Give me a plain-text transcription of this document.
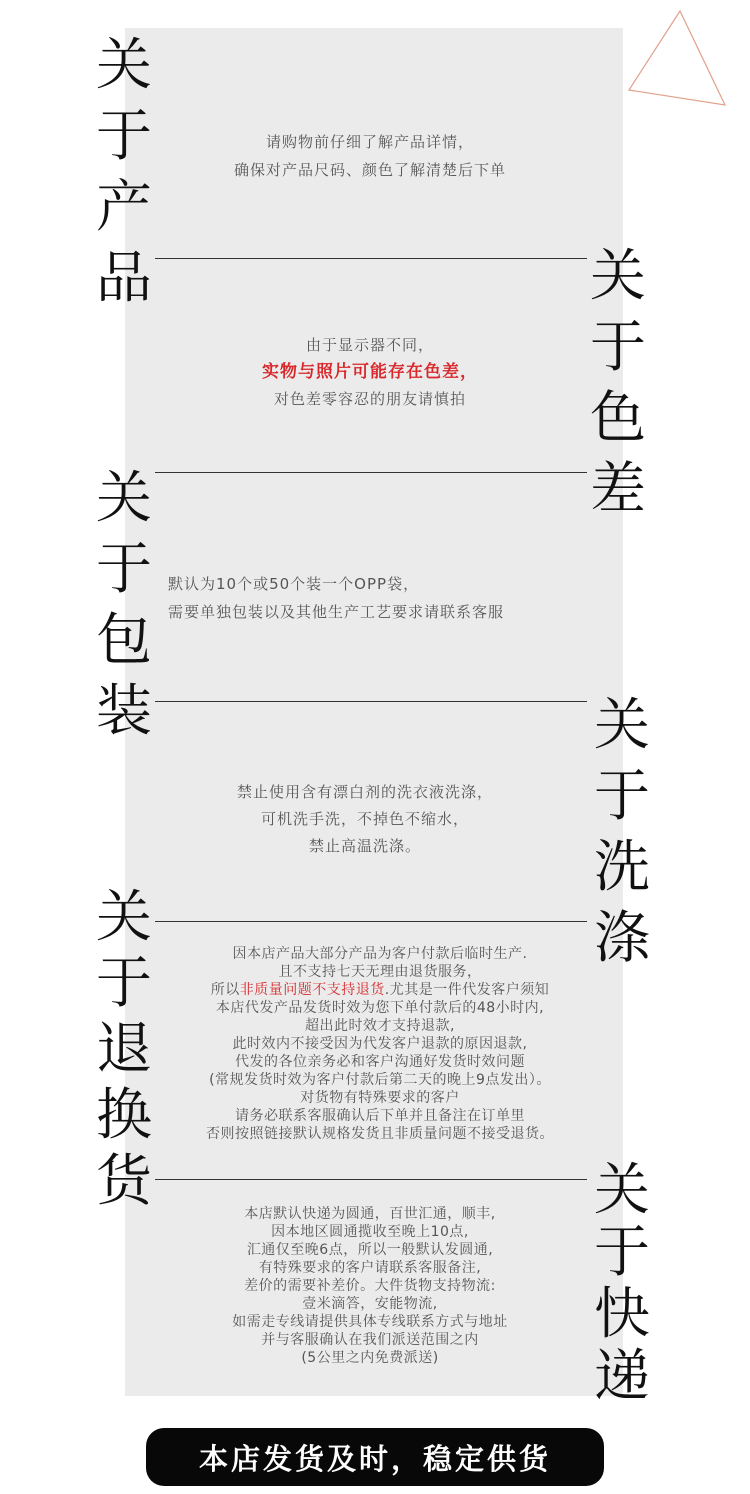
关
于
产
品
请购物前仔细了解产品详情，
确保对产品尺码、颜色了解清楚后下单
关
于
色
差
由于显示器不同，
实物与照片可能存在色差，
对色差零容忍的朋友请慎拍
关
于
包
装
默认为10个或50个装一个OPP袋，
需要单独包装以及其他生产工艺要求请联系客服
关
于
洗
涤
禁止使用含有漂白剂的洗衣液洗涤，
可机洗手洗，不掉色不缩水，
禁止高温洗涤。
关
于
退
换
货
因本店产品大部分产品为客户付款后临时生产.
且不支持七天无理由退货服务，
所以非质量问题不支持退货.尤其是一件代发客户须知
本店代发产品发货时效为您下单付款后的48小时内,
超出此时效才支持退款,
此时效内不接受因为代发客户退款的原因退款,
代发的各位亲务必和客户沟通好发货时效问题
(常规发货时效为客户付款后第二天的晚上9点发出）。
对货物有特殊要求的客户
请务必联系客服确认后下单并且备注在订单里
否则按照链接默认规格发货且非质量问题不接受退货。
关
于
快
递
本店默认快递为圆通，百世汇通，顺丰,
因本地区圆通揽收至晚上10点,
汇通仅至晚6点，所以一般默认发圆通,
有特殊要求的客户请联系客服备注,
差价的需要补差价。大件货物支持物流:
壹米滴答，安能物流,
如需走专线请提供具体专线联系方式与地址
并与客服确认在我们派送范围之内
(5公里之内免费派送)
本店发货及时，稳定供货
